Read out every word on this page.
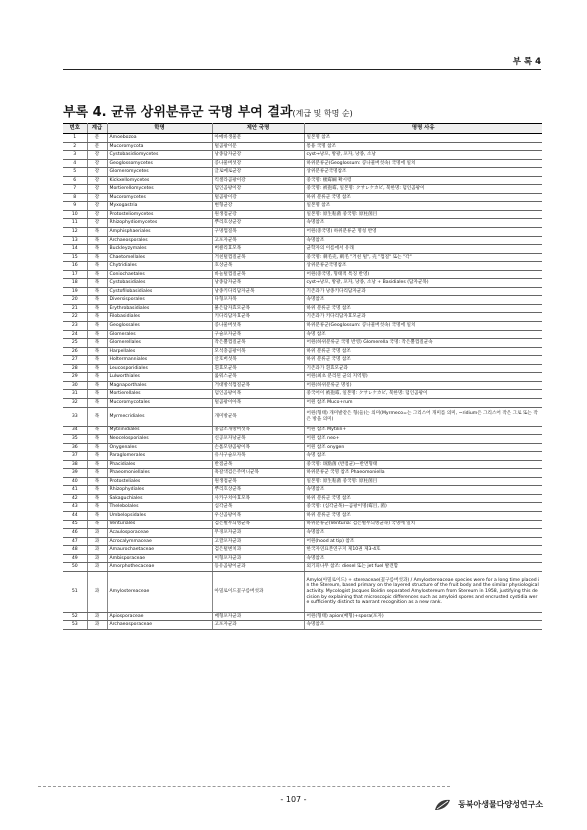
부 록 4
부록 4. 균류 상위분류군 국명 부여 결과(계급 및 학명 순)
번호	계급	학명	제안 국명	명명 사유
1	문	Amoebozoa	아메바생물문	일본명 참조
2	문	Mucoromycota	털곰팡이문	통용 국명 참조
3	강	Cystobasidiomycetes	낭종담자균강	cyst→낭포, 방광, 포자, 낭종, 소낭
4	강	Geoglossomycetes	콩나물버섯강	하위분류군(Geoglossum: 콩나물버섯속) 국명에 일치
5	강	Glomeromycetes	글로메로균강	상위분류군국명참조
6	강	Kickxellomycetes	킥셀라곰팡이강	중국명: 梳霉綱 확시령
7	강	Mortierellomycetes	덤인곰팡이강	중국명: 被孢霉, 일본명: クサレケカビ, 북한명: 덤인곰팡이
8	강	Mucoromycetes	털곰팡이강	하위 분류군 국명 참조
9	강	Myxogastria	변형균강	일본명 참조
10	강	Protosteliomycetes	원생점균강	일본명: 原生粘菌 중국명: 原柱菌目
11	강	Rhizophydiomycetes	뿌리호상균강	속명참조
12	목	Amphisphaeriales	구멍껍질목	어원(중국명) 하위분류군 명칭 반영
13	목	Archaeosporales	고포자균목	속명참조
14	목	Buckleyzymales	버클리효모목	균학자의 이름에서 유래
15	목	Chaetomellales	거친털껍질균목	중국명: 刺毛壳, 刺毛 "거친 털", 壳 "껍질" 또는 "각"
16	목	Chytridiales	호상균목	상위분류군국명참조
17	목	Coniochaetales	바늘털껍질균목	어원(중국명, 형태적 특징 반영)
18	목	Cystobasidiales	낭종담자균목	cyst→낭포, 방광, 포자, 낭종, 소낭 + Basidiales (담자균목)
19	목	Cystofilobasidiales	낭종키다리담자균목	기존과가 낭종키다리담자균과
20	목	Diversisporales	다형포자목	속명참조
21	목	Erythrobasidiales	붉은담자효모균목	하위 분류군 국명 참조
22	목	Filobasidiales	키다리담자효균목	기존과가 키다리담자효모균과
23	목	Geoglossales	콩나물버섯목	하위분류군(Geoglossum: 콩나물버섯속) 국명에 일치
24	목	Glomerales	구슬포자균목	속명 참조
25	목	Glomerellales	작은뿔껍질균목	어원(하위분류군 국명 반영) Glomerella 국명: 작은뿔껍질균속
26	목	Harpellales	모석충곰팡이목	하위 분류군 국명 참조
27	목	Holtermanniales	산호버섯목	하위 분류군 국명 참조
28	목	Leucosporidiales	흰효모균목	기존과가 흰효모균과
29	목	Lulworthiales	룰워스균목	어원(최초 분리된 균의 지역명)
30	목	Magnaporthales	거대방석껍질균목	어원(하위분류군 명칭)
31	목	Mortierellales	덤인곰팡이목	중국어이 被孢霉, 일본명: クサレケカビ, 북한명: 덤인곰팡이
32	목	Mucoromycotales	털곰팡이아목	어원 참조 Muco+rum
33	목	Myrmecridiales	개미방균목	어원(형태) 개미발같은 형(들)는 의미(Myrmeco=는 그리스어 개미를 의미, ~ridium은 그리스어 작은 그로 또는 작은 방을 의미)
34	목	Mytilinidiales	홍합조개방버섯목	어원 참조 Mytilin+
35	목	Neocelosporiales	신공포자낭균목	어원 참조 neo+
36	목	Onygenales	손톱모양곰팡이목	어원 참조 onygen
37	목	Paraglomerales	유사구슬포자목	속명 참조
38	목	Phacidiales	반점균목	중국명: 斑點菌 (반점균)—반면형태
39	목	Phaeomoniellales	흑갈색검은주머니균목	하위분류군 국명 참조 Phaeomoniella
40	목	Protosteliales	원생점균목	일본명: 原生粘菌 중국명: 原柱菌目
41	목	Rhizophydiales	뿌리호상균목	속명참조
42	목	Sakaguchiales	사카구치아효모목	하위 분류군 국명 참조
43	목	Thelebolales	심각균목	중국명: (심각균목)—곰팡이명(霉目, 菌)
44	목	Umbelopsidales	우산곰팡이목	하위 분류군 국명 참조
45	목	Venturiales	검은별무늬병균목	하위분류군(Venturia: 검은별무늬병균속) 국명에 일치
46	과	Acaulosporaceae	무경포자균과	속명참조
47	과	Acrocalymmaceae	고깔포자균과	어원(hood at tip) 참조
48	과	Amaurochaetaceae	검은털변치과	한국자연표본연구지 제10권 제3-4호
49	과	Ambisporaceae	이형포자균과	속명참조
50	과	Amorphothecaceae	등유곰팡이균과	외기피나무 참조: diesel 또는 jet fuel 발견함
51	과	Amylostereaceae	아밀로이드꽃구름버섯과	Amylo(아밀로이드) + stereaceae(꽃구름버섯과) / Amylostereaceae species were for a long time placed in the Stereum, based primary on the layered structure of the fruit body and the similar physiological activity. Mycologist Jacques Boidin separated Amylostereum from Stereum in 1958, justifying this decision by explaining that microscopic differences such as amyloid spores and encrusted cystidia were sufficiently distinct to warrant recognition as a new rank.
52	과	Apiosporaceae	배형포자균과	어원(형태) apion(배형)+spora(포자)
53	과	Archaeosporaceae	고포자균과	속명참조
- 107 -
동북아생물다양성연구소
